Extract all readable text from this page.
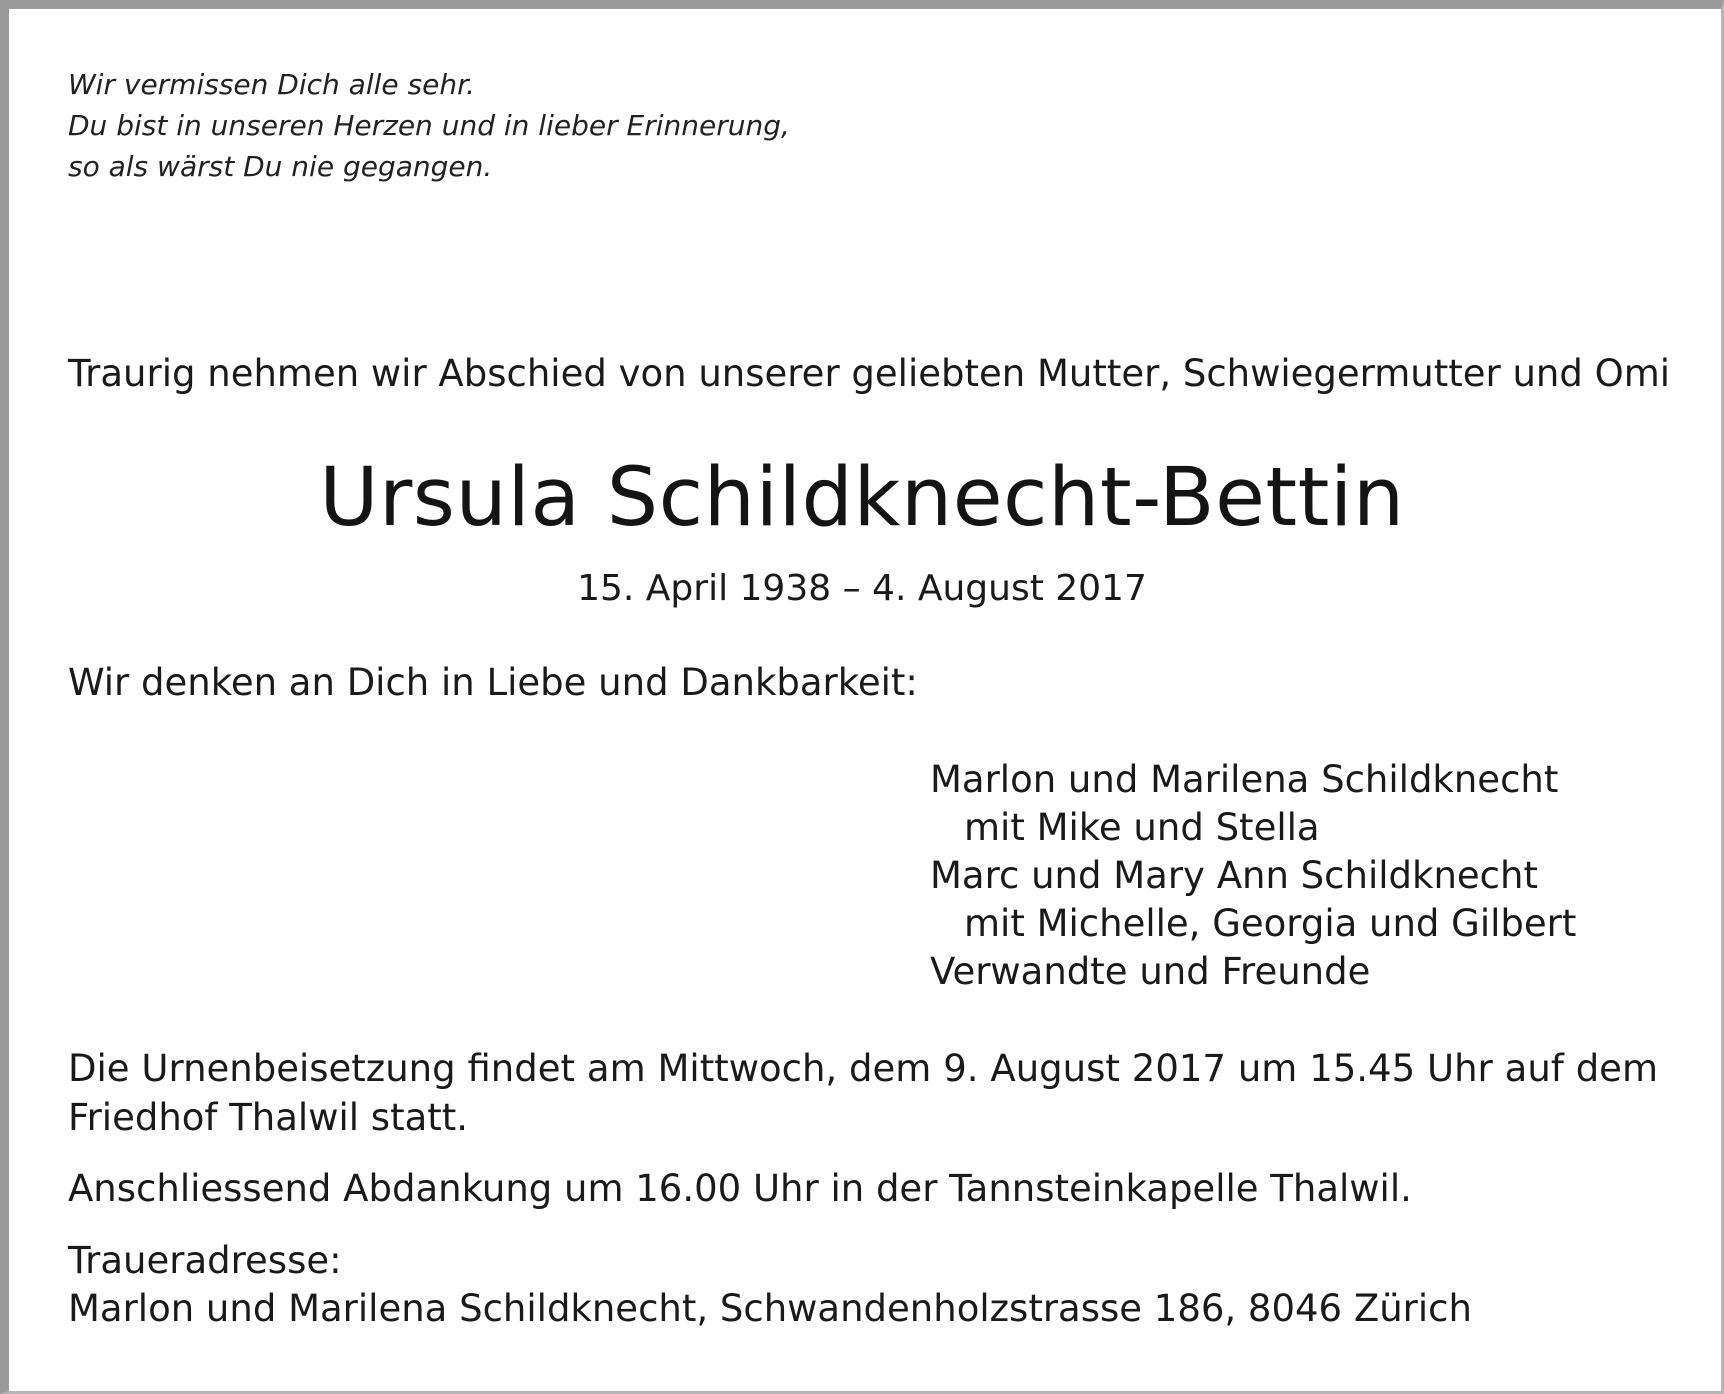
Wir vermissen Dich alle sehr.
Du bist in unseren Herzen und in lieber Erinnerung,
so als wärst Du nie gegangen.

Traurig nehmen wir Abschied von unserer geliebten Mutter, Schwiegermutter und Omi

Ursula Schildknecht-Bettin

15. April 1938 – 4. August 2017

Wir denken an Dich in Liebe und Dankbarkeit:

Marlon und Marilena Schildknecht
mit Mike und Stella
Marc und Mary Ann Schildknecht
mit Michelle, Georgia und Gilbert
Verwandte und Freunde
Die Urnenbeisetzung findet am Mittwoch, dem 9. August 2017 um 15.45 Uhr auf dem
Friedhof Thalwil statt.

Anschliessend Abdankung um 16.00 Uhr in der Tannsteinkapelle Thalwil.

Traueradresse:
Marlon und Marilena Schildknecht, Schwandenholzstrasse 186, 8046 Zürich
